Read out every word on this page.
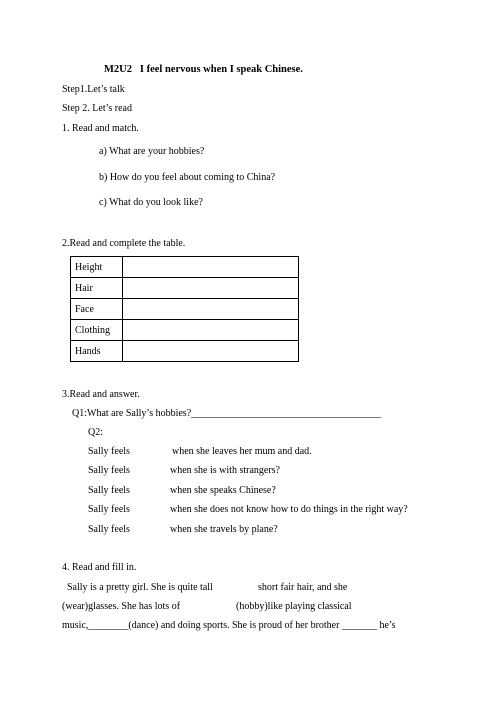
M2U2   I feel nervous when I speak Chinese.
Step1.Let’s talk
Step 2. Let’s read
1. Read and match.
a) What are your hobbies?
b) How do you feel about coming to China?
c) What do you look like?
2.Read and complete the table.
Height	
Hair	
Face	
Clothing	
Hands	
3.Read and answer.
Q1:What are Sally’s hobbies?______________________________________
Q2:
Sally feels	when she leaves her mum and dad.
Sally feels	when she is with strangers?
Sally feels	when she speaks Chinese?
Sally feels	when she does not know how to do things in the right way?
Sally feels	when she travels by plane?
4. Read and fill in.
Sally is a pretty girl. She is quite tall	short fair hair, and she
(wear)glasses. She has lots of	(hobby)like playing classical
music,________(dance) and doing sports. She is proud of her brother _______ he’s
